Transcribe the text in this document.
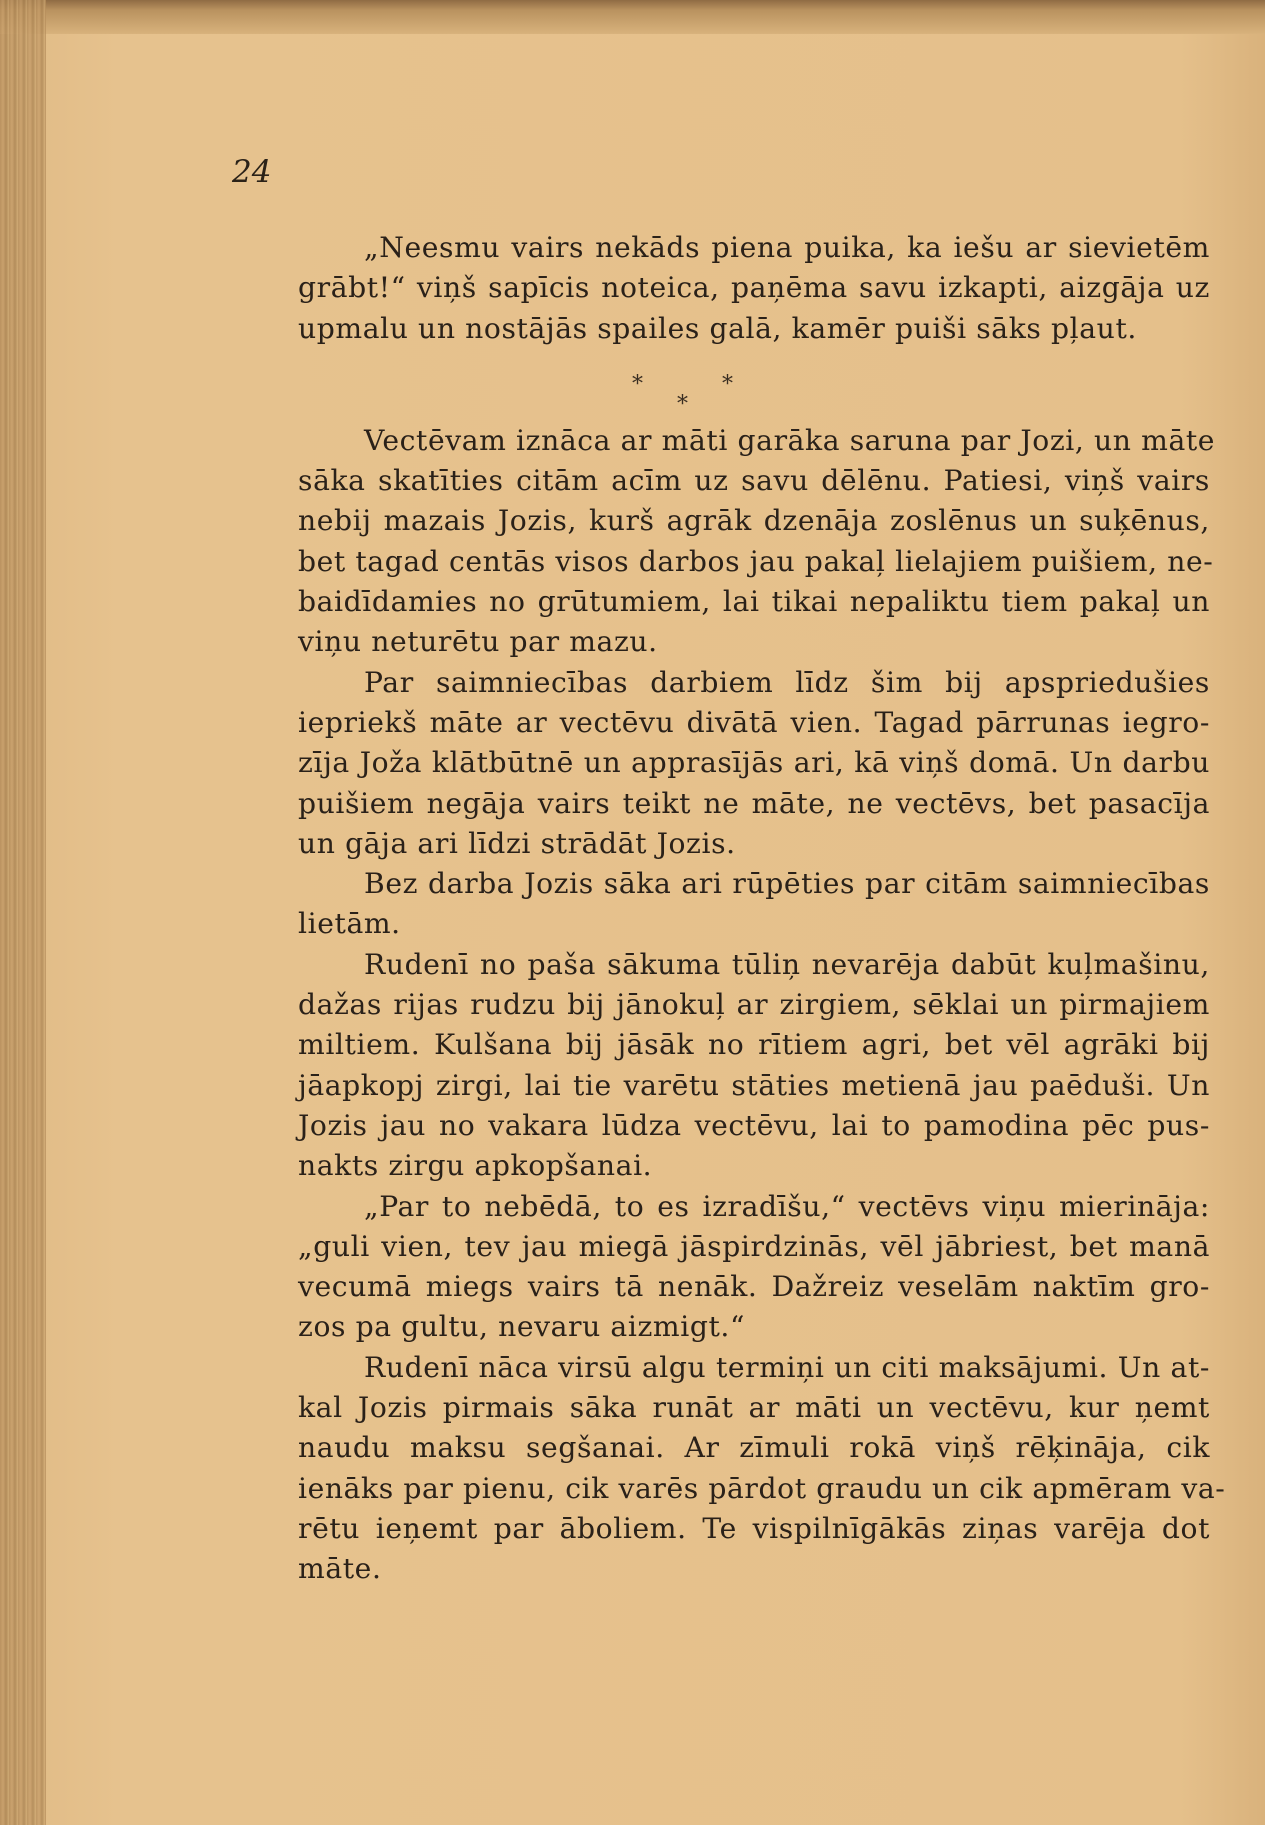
24

„Neesmu vairs nekāds piena puika, ka iešu ar sievietēm
grābt!“ viņš sapīcis noteica, paņēma savu izkapti, aizgāja uz
upmalu un nostājās spailes galā, kamēr puiši sāks pļaut.

*	*
*

Vectēvam iznāca ar māti garāka saruna par Jozi, un māte
sāka skatīties citām acīm uz savu dēlēnu. Patiesi, viņš vairs
nebij mazais Jozis, kurš agrāk dzenāja zoslēnus un suķēnus,
bet tagad centās visos darbos jau pakaļ lielajiem puišiem, ne-
baidīdamies no grūtumiem, lai tikai nepaliktu tiem pakaļ un
viņu neturētu par mazu.

Par saimniecības darbiem līdz šim bij apspriedušies
iepriekš māte ar vectēvu divātā vien. Tagad pārrunas iegro-
zīja Joža klātbūtnē un apprasījās ari, kā viņš domā. Un darbu
puišiem negāja vairs teikt ne māte, ne vectēvs, bet pasacīja
un gāja ari līdzi strādāt Jozis.

Bez darba Jozis sāka ari rūpēties par citām saimniecības
lietām.

Rudenī no paša sākuma tūliņ nevarēja dabūt kuļmašinu,
dažas rijas rudzu bij jānokuļ ar zirgiem, sēklai un pirmajiem
miltiem. Kulšana bij jāsāk no rītiem agri, bet vēl agrāki bij
jāapkopj zirgi, lai tie varētu stāties metienā jau paēduši. Un
Jozis jau no vakara lūdza vectēvu, lai to pamodina pēc pus-
nakts zirgu apkopšanai.

„Par to nebēdā, to es izradīšu,“ vectēvs viņu mierināja:
„guli vien, tev jau miegā jāspirdzinās, vēl jābriest, bet manā
vecumā miegs vairs tā nenāk. Dažreiz veselām naktīm gro-
zos pa gultu, nevaru aizmigt.“

Rudenī nāca virsū algu termiņi un citi maksājumi. Un at-
kal Jozis pirmais sāka runāt ar māti un vectēvu, kur ņemt
naudu maksu segšanai. Ar zīmuli rokā viņš rēķināja, cik
ienāks par pienu, cik varēs pārdot graudu un cik apmēram va-
rētu ieņemt par āboliem. Te vispilnīgākās ziņas varēja dot
māte.
